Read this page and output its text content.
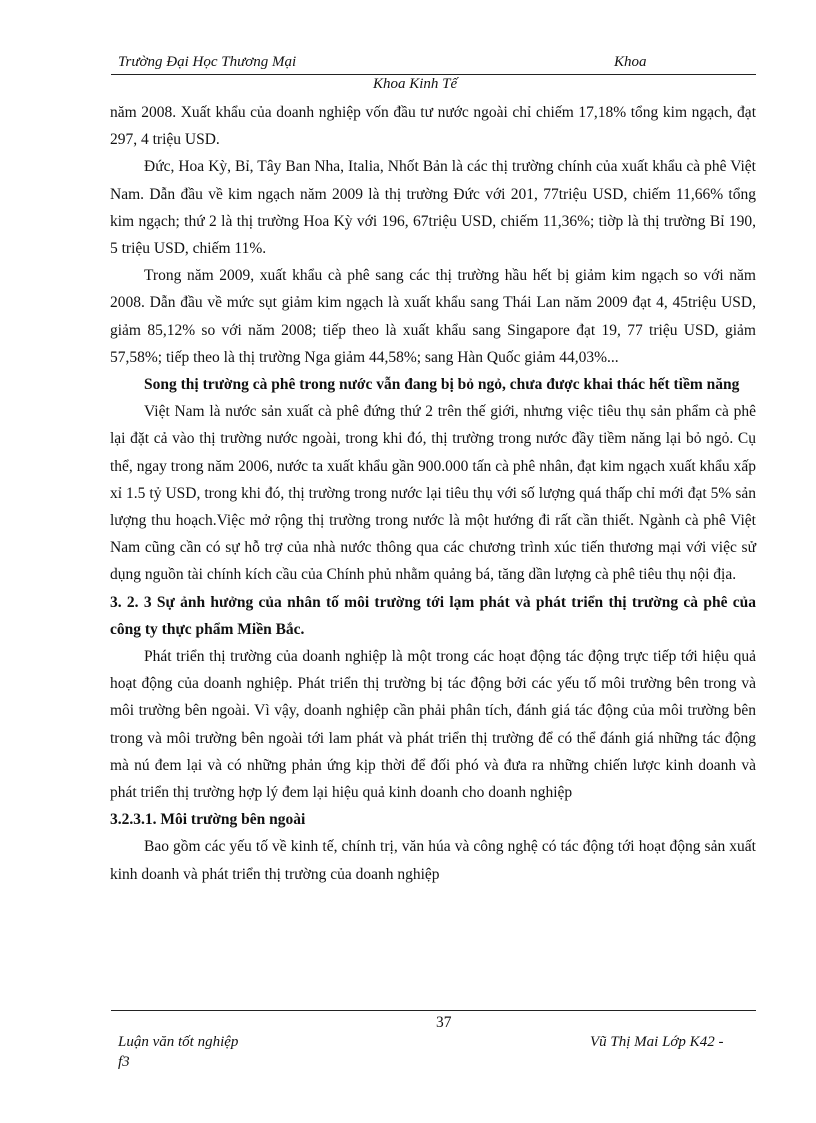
Trường Đại Học Thương Mại	Khoa
Khoa Kinh Tế

năm 2008. Xuất khẩu của doanh nghiệp vốn đầu tư nước ngoài chỉ chiếm 17,18% tổng kim ngạch, đạt 297, 4 triệu USD.

Đức, Hoa Kỳ, Bỉ, Tây Ban Nha, Italia, Nhốt Bản là các thị trường chính của xuất khẩu cà phê Việt Nam. Dẫn đầu về kim ngạch năm 2009 là thị trường Đức với 201, 77triệu USD, chiếm 11,66% tổng kim ngạch; thứ 2 là thị trường Hoa Kỳ với 196, 67triệu USD, chiếm 11,36%; tiờp là thị trường Bỉ 190, 5 triệu USD, chiếm 11%.

Trong năm 2009, xuất khẩu cà phê sang các thị trường hầu hết bị giảm kim ngạch so với năm 2008. Dẫn đầu về mức sụt giảm kim ngạch là xuất khẩu sang Thái Lan năm 2009 đạt 4, 45triệu USD, giảm 85,12% so với năm 2008; tiếp theo là xuất khẩu sang Singapore đạt 19, 77 triệu USD, giảm 57,58%; tiếp theo là thị trường Nga giảm 44,58%; sang Hàn Quốc giảm 44,03%...

Song thị trường cà phê trong nước vẫn đang bị bỏ ngỏ, chưa được khai thác hết tiềm năng

Việt Nam là nước sản xuất cà phê đứng thứ 2 trên thế giới, nhưng việc tiêu thụ sản phẩm cà phê lại đặt cả vào thị trường nước ngoài, trong khi đó, thị trường trong nước đầy tiềm năng lại bỏ ngỏ. Cụ thể, ngay trong năm 2006, nước ta xuất khẩu gần 900.000 tấn cà phê nhân, đạt kim ngạch xuất khẩu xấp xỉ 1.5 tỷ USD, trong khi đó, thị trường trong nước lại tiêu thụ với số lượng quá thấp chỉ mới đạt 5% sản lượng thu hoạch.Việc mở rộng thị trường trong nước là một hướng đi rất cần thiết. Ngành cà phê Việt Nam cũng cần có sự hỗ trợ của nhà nước thông qua các chương trình xúc tiến thương mại với việc sử dụng nguồn tài chính kích cầu của Chính phủ nhằm quảng bá, tăng dần lượng cà phê tiêu thụ nội địa.

3. 2. 3 Sự ảnh hưởng của nhân tố môi trường tới lạm phát và phát triển thị trường cà phê của công ty thực phẩm Miền Bắc.

Phát triển thị trường của doanh nghiệp là một trong các hoạt động tác động trực tiếp tới hiệu quả hoạt động của doanh nghiệp. Phát triển thị trường bị tác động bởi các yếu tố môi trường bên trong và môi trường bên ngoài. Vì vậy, doanh nghiệp cần phải phân tích, đánh giá tác động của môi trường bên trong và môi trường bên ngoài tới lam phát và phát triển thị trường để có thể đánh giá những tác động mà nú đem lại và có những phản ứng kịp thời để đối phó và đưa ra những chiến lược kinh doanh và phát triển thị trường hợp lý đem lại hiệu quả kinh doanh cho doanh nghiệp

3.2.3.1. Môi trường bên ngoài

Bao gồm các yếu tố về kinh tế, chính trị, văn húa và công nghệ có tác động tới hoạt động sản xuất kinh doanh và phát triển thị trường của doanh nghiệp

37
Luận văn tốt nghiệp
f3
Vũ Thị Mai Lớp K42 -
